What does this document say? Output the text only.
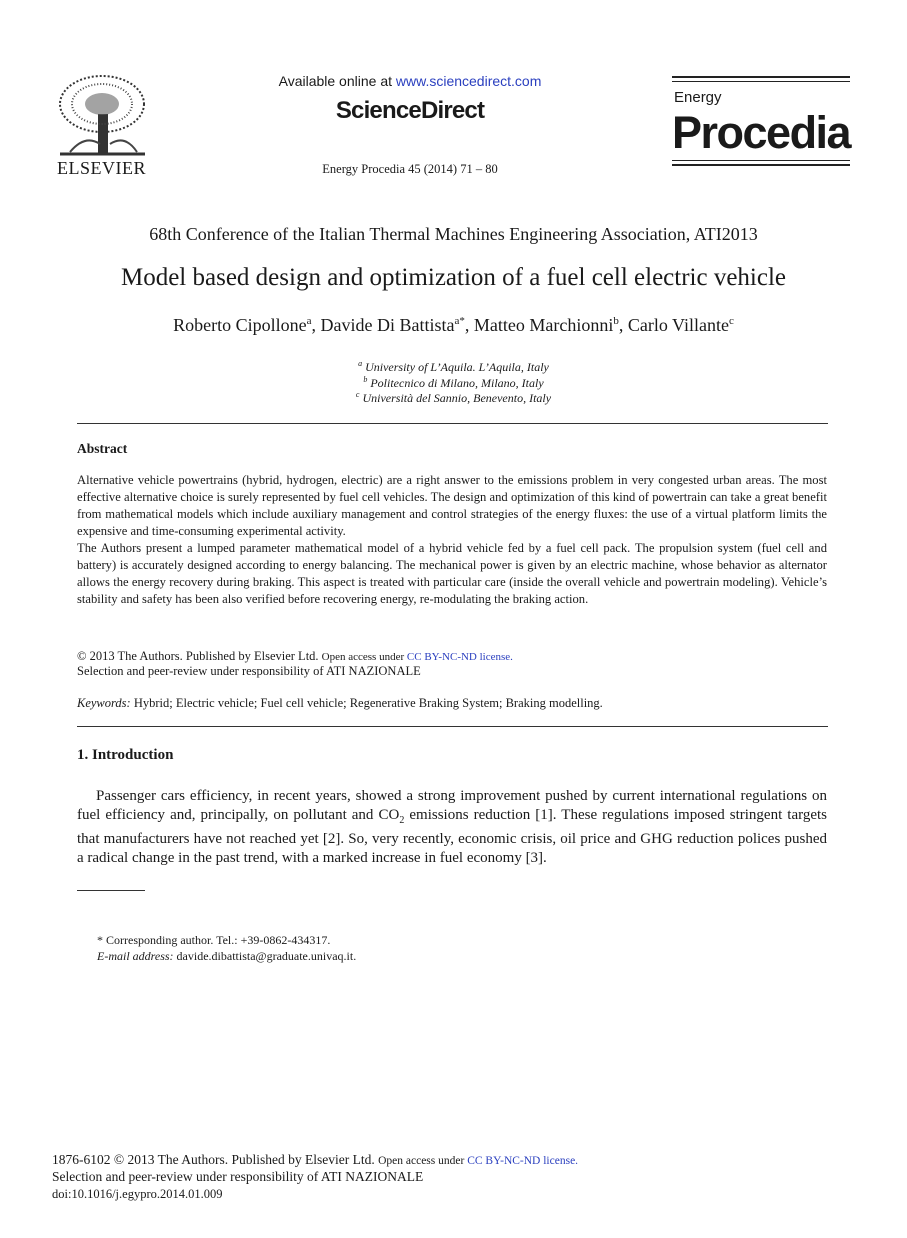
ELSEVIER
Available online at www.sciencedirect.com
ScienceDirect
Energy Procedia 45 (2014) 71 – 80
Energy
Procedia
68th Conference of the Italian Thermal Machines Engineering Association, ATI2013
Model based design and optimization of a fuel cell electric vehicle
Roberto Cipollone$^a$, Davide Di Battista$^{a*}$, Matteo Marchionni$^b$, Carlo Villante$^c$
$^a$ University of L’Aquila. L’Aquila, Italy
$^b$ Politecnico di Milano, Milano, Italy
$^c$ Università del Sannio, Benevento, Italy
Abstract
Alternative vehicle powertrains (hybrid, hydrogen, electric) are a right answer to the emissions problem in very congested urban areas. The most effective alternative choice is surely represented by fuel cell vehicles. The design and optimization of this kind of powertrain can take a great benefit from mathematical models which include auxiliary management and control strategies of the energy fluxes: the use of a virtual platform limits the expensive and time-consuming experimental activity.
The Authors present a lumped parameter mathematical model of a hybrid vehicle fed by a fuel cell pack. The propulsion system (fuel cell and battery) is accurately designed according to energy balancing. The mechanical power is given by an electric machine, whose behavior as alternator allows the energy recovery during braking. This aspect is treated with particular care (inside the overall vehicle and powertrain modeling). Vehicle’s stability and safety has been also verified before recovering energy, re-modulating the braking action.
© 2013 The Authors. Published by Elsevier Ltd. Open access under CC BY-NC-ND license.
Selection and peer-review under responsibility of ATI NAZIONALE
Keywords: Hybrid; Electric vehicle; Fuel cell vehicle; Regenerative Braking System; Braking modelling.
1. Introduction
Passenger cars efficiency, in recent years, showed a strong improvement pushed by current international regulations on fuel efficiency and, principally, on pollutant and $CO_2$ emissions reduction [1]. These regulations imposed stringent targets that manufacturers have not reached yet [2]. So, very recently, economic crisis, oil price and GHG reduction polices pushed a radical change in the past trend, with a marked increase in fuel economy [3].
* Corresponding author. Tel.: +39-0862-434317.
E-mail address: davide.dibattista@graduate.univaq.it.
1876-6102 © 2013 The Authors. Published by Elsevier Ltd. Open access under CC BY-NC-ND license.
Selection and peer-review under responsibility of ATI NAZIONALE
doi:10.1016/j.egypro.2014.01.009
